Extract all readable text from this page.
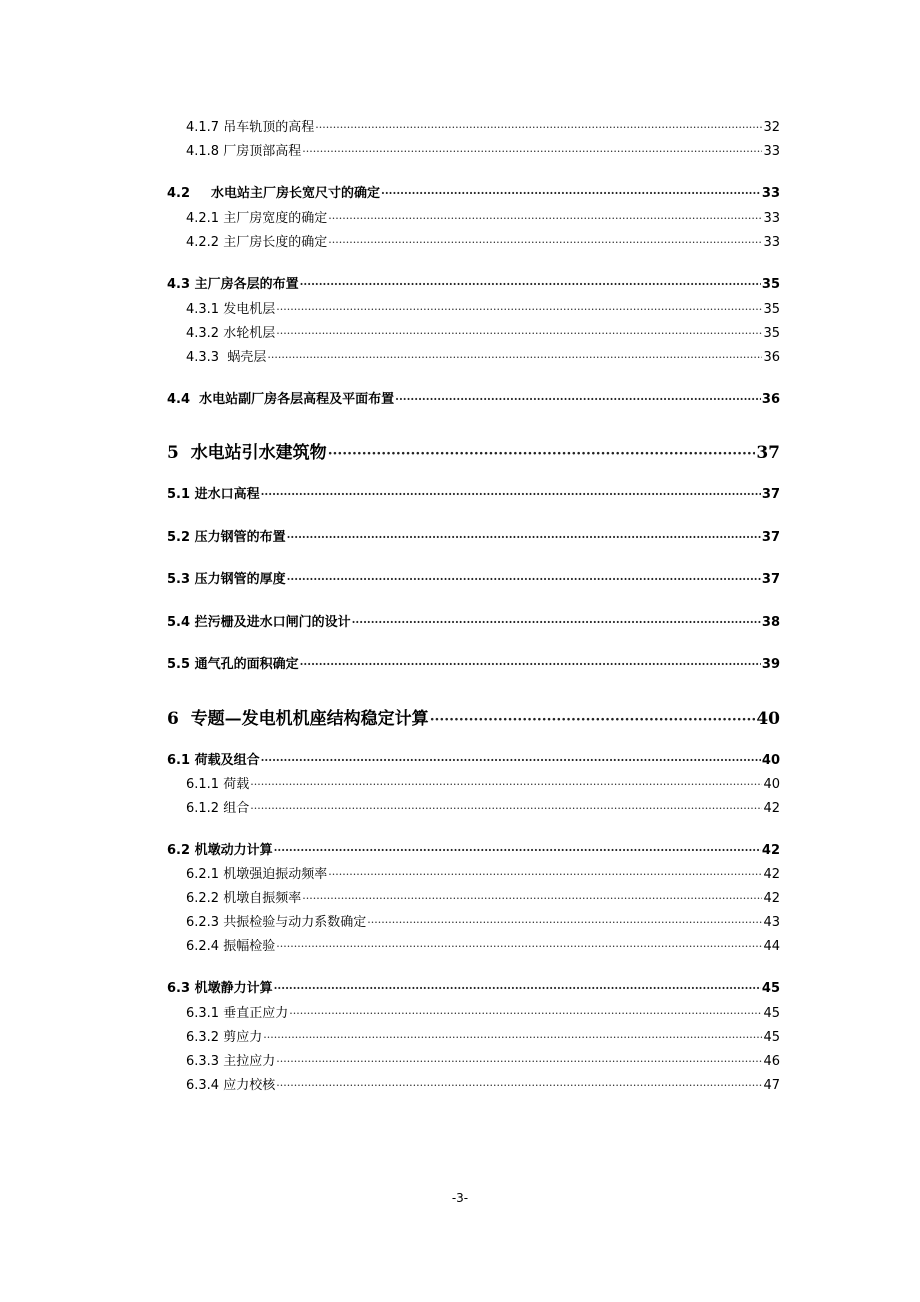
4.1.7 吊车轨顶的高程 ·····	32
4.1.8 厂房顶部高程 ·····	33
4.2 水电站主厂房长宽尺寸的确定 ·····	33
4.2.1 主厂房宽度的确定 ·····	33
4.2.2 主厂房长度的确定 ·····	33
4.3 主厂房各层的布置 ·····	35
4.3.1 发电机层 ·····	35
4.3.2 水轮机层 ·····	35
4.3.3 蜗壳层 ·····	36
4.4 水电站副厂房各层高程及平面布置 ·····	36
5 水电站引水建筑物 ·····	37
5.1 进水口高程 ·····	37
5.2 压力钢管的布置 ·····	37
5.3 压力钢管的厚度 ·····	37
5.4 拦污栅及进水口闸门的设计 ·····	38
5.5 通气孔的面积确定 ·····	39
6 专题—发电机机座结构稳定计算 ·····	40
6.1 荷载及组合 ·····	40
6.1.1 荷载 ·····	40
6.1.2 组合 ·····	42
6.2 机墩动力计算 ·····	42
6.2.1 机墩强迫振动频率 ·····	42
6.2.2 机墩自振频率 ·····	42
6.2.3 共振检验与动力系数确定 ·····	43
6.2.4 振幅检验 ·····	44
6.3 机墩静力计算 ·····	45
6.3.1 垂直正应力 ·····	45
6.3.2 剪应力 ·····	45
6.3.3 主拉应力 ·····	46
6.3.4 应力校核 ·····	47
-3-
